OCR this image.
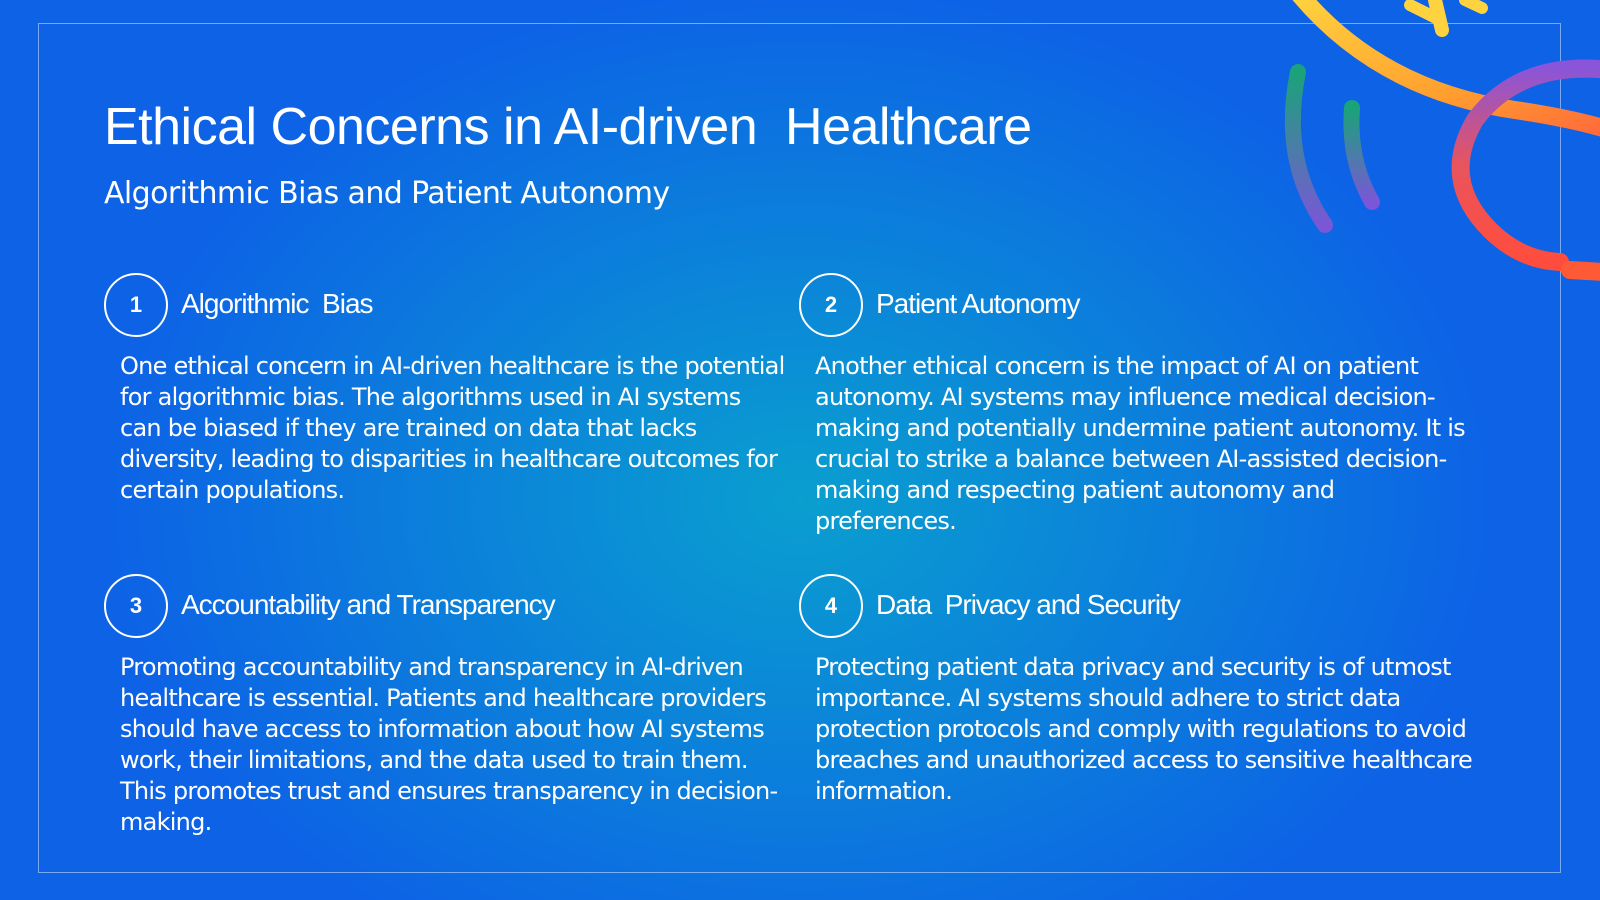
Ethical Concerns in AI-driven  Healthcare
Algorithmic Bias and Patient Autonomy
1	Algorithmic  Bias

One ethical concern in AI-driven healthcare is the potential for algorithmic bias. The algorithms used in AI systems can be biased if they are trained on data that lacks diversity, leading to disparities in healthcare outcomes for certain populations.

2	Patient Autonomy

Another ethical concern is the impact of AI on patient autonomy. AI systems may influence medical decision-making and potentially undermine patient autonomy. It is crucial to strike a balance between AI-assisted decision-making and respecting patient autonomy and preferences.

3	Accountability and Transparency

Promoting accountability and transparency in AI-driven healthcare is essential. Patients and healthcare providers should have access to information about how AI systems work, their limitations, and the data used to train them. This promotes trust and ensures transparency in decision-making.

4	Data  Privacy and Security

Protecting patient data privacy and security is of utmost importance. AI systems should adhere to strict data protection protocols and comply with regulations to avoid breaches and unauthorized access to sensitive healthcare information.
